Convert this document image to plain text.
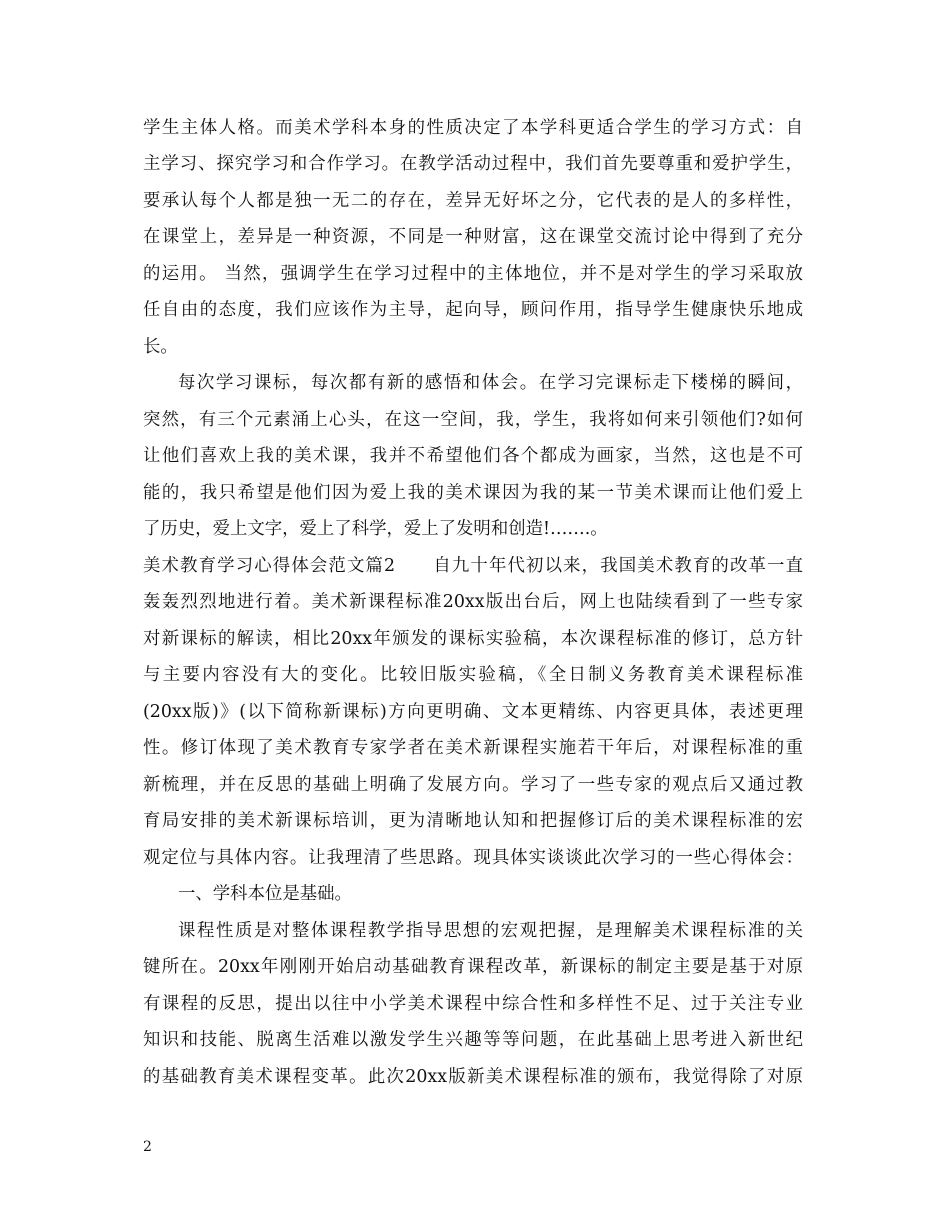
学生主体人格。而美术学科本身的性质决定了本学科更适合学生的学习方式：自
主学习、探究学习和合作学习。在教学活动过程中，我们首先要尊重和爱护学生，
要承认每个人都是独一无二的存在，差异无好坏之分，它代表的是人的多样性，
在课堂上，差异是一种资源，不同是一种财富，这在课堂交流讨论中得到了充分
的运用。 当然，强调学生在学习过程中的主体地位，并不是对学生的学习采取放
任自由的态度，我们应该作为主导，起向导，顾问作用，指导学生健康快乐地成
长。
每次学习课标，每次都有新的感悟和体会。在学习完课标走下楼梯的瞬间，
突然，有三个元素涌上心头，在这一空间，我，学生，我将如何来引领他们?如何
让他们喜欢上我的美术课，我并不希望他们各个都成为画家，当然，这也是不可
能的，我只希望是他们因为爱上我的美术课因为我的某一节美术课而让他们爱上
了历史，爱上文字，爱上了科学，爱上了发明和创造!…….。
美术教育学习心得体会范文篇2　　自九十年代初以来，我国美术教育的改革一直
轰轰烈烈地进行着。美术新课程标准20xx版出台后，网上也陆续看到了一些专家
对新课标的解读，相比20xx年颁发的课标实验稿，本次课程标准的修订，总方针
与主要内容没有大的变化。比较旧版实验稿，《全日制义务教育美术课程标准
(20xx版)》(以下简称新课标)方向更明确、文本更精练、内容更具体，表述更理
性。修订体现了美术教育专家学者在美术新课程实施若干年后，对课程标准的重
新梳理，并在反思的基础上明确了发展方向。学习了一些专家的观点后又通过教
育局安排的美术新课标培训，更为清晰地认知和把握修订后的美术课程标准的宏
观定位与具体内容。让我理清了些思路。现具体实谈谈此次学习的一些心得体会：
一、学科本位是基础。
课程性质是对整体课程教学指导思想的宏观把握，是理解美术课程标准的关
键所在。20xx年刚刚开始启动基础教育课程改革，新课标的制定主要是基于对原
有课程的反思，提出以往中小学美术课程中综合性和多样性不足、过于关注专业
知识和技能、脱离生活难以激发学生兴趣等等问题，在此基础上思考进入新世纪
的基础教育美术课程变革。此次20xx版新美术课程标准的颁布，我觉得除了对原
2
